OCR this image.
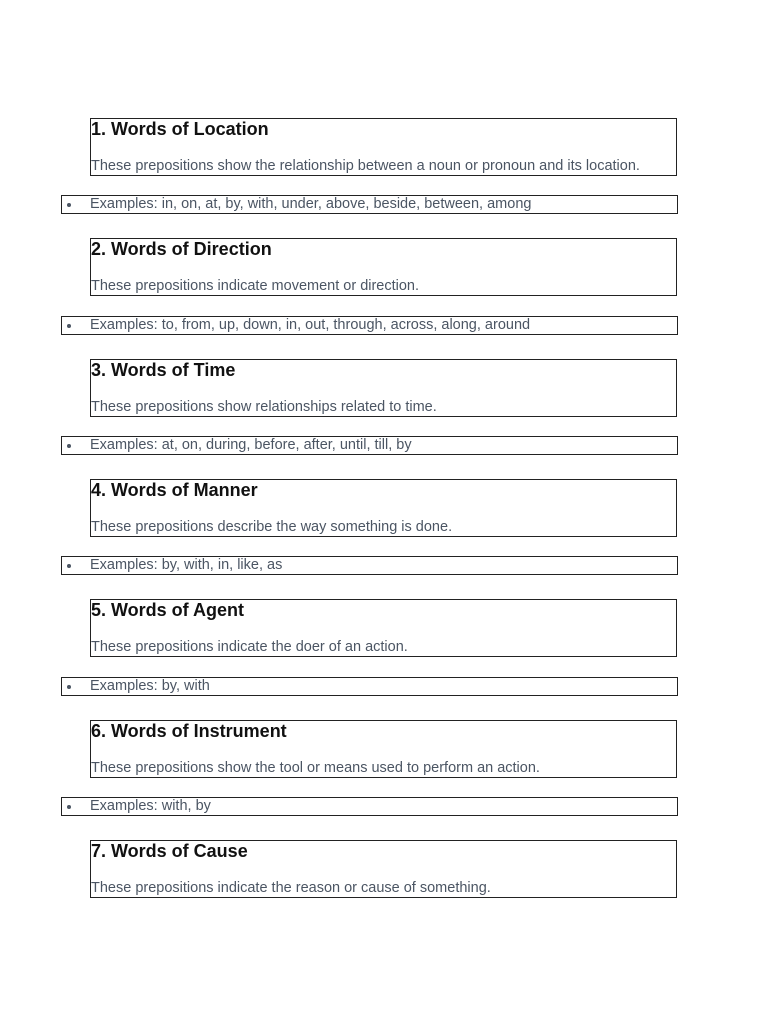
1. Words of Location

These prepositions show the relationship between a noun or pronoun and its location.

Examples: in, on, at, by, with, under, above, beside, between, among
2. Words of Direction

These prepositions indicate movement or direction.

Examples: to, from, up, down, in, out, through, across, along, around
3. Words of Time

These prepositions show relationships related to time.

Examples: at, on, during, before, after, until, till, by
4. Words of Manner

These prepositions describe the way something is done.

Examples: by, with, in, like, as
5. Words of Agent

These prepositions indicate the doer of an action.

Examples: by, with
6. Words of Instrument

These prepositions show the tool or means used to perform an action.

Examples: with, by
7. Words of Cause

These prepositions indicate the reason or cause of something.
